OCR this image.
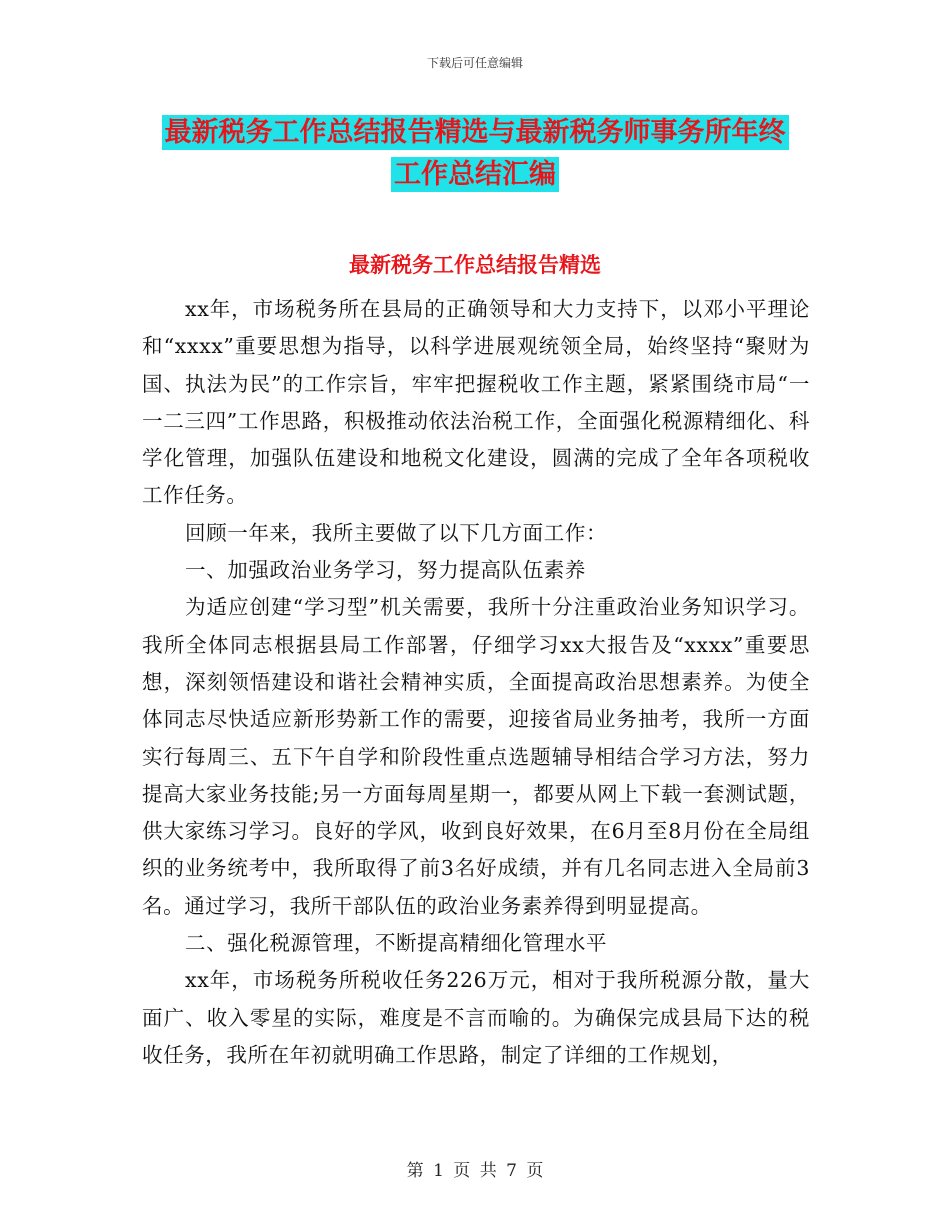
下载后可任意编辑
最新税务工作总结报告精选与最新税务师事务所年终
工作总结汇编
最新税务工作总结报告精选

xx年，市场税务所在县局的正确领导和大力支持下，以邓小平理论和“xxxx”重要思想为指导，以科学进展观统领全局，始终坚持“聚财为国、执法为民”的工作宗旨，牢牢把握税收工作主题，紧紧围绕市局“一一二三四”工作思路，积极推动依法治税工作，全面强化税源精细化、科学化管理，加强队伍建设和地税文化建设，圆满的完成了全年各项税收工作任务。

回顾一年来，我所主要做了以下几方面工作：

一、加强政治业务学习，努力提高队伍素养

为适应创建“学习型”机关需要，我所十分注重政治业务知识学习。我所全体同志根据县局工作部署，仔细学习xx大报告及“xxxx”重要思想，深刻领悟建设和谐社会精神实质，全面提高政治思想素养。为使全体同志尽快适应新形势新工作的需要，迎接省局业务抽考，我所一方面实行每周三、五下午自学和阶段性重点选题辅导相结合学习方法，努力提高大家业务技能;另一方面每周星期一，都要从网上下载一套测试题，供大家练习学习。良好的学风，收到良好效果，在6月至8月份在全局组织的业务统考中，我所取得了前3名好成绩，并有几名同志进入全局前3名。通过学习，我所干部队伍的政治业务素养得到明显提高。

二、强化税源管理，不断提高精细化管理水平

xx年，市场税务所税收任务226万元，相对于我所税源分散，量大面广、收入零星的实际，难度是不言而喻的。为确保完成县局下达的税收任务，我所在年初就明确工作思路，制定了详细的工作规划，

第 1 页 共 7 页
